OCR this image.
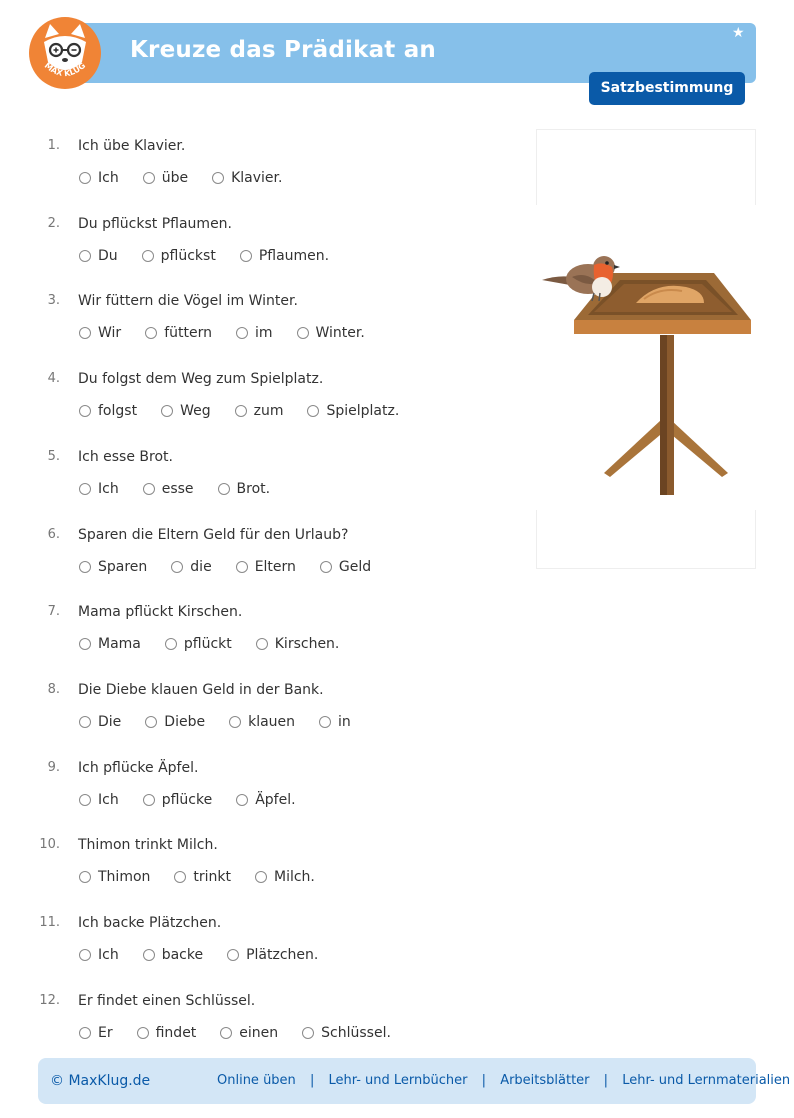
Kreuze das Prädikat an
★
MAX KLUG
Satzbestimmung
1. Ich übe Klavier.
Ich	übe	Klavier.
2. Du pflückst Pflaumen.
Du	pflückst	Pflaumen.
3. Wir füttern die Vögel im Winter.
Wir	füttern	im	Winter.
4. Du folgst dem Weg zum Spielplatz.
folgst	Weg	zum	Spielplatz.
5. Ich esse Brot.
Ich	esse	Brot.
6. Sparen die Eltern Geld für den Urlaub?
Sparen	die	Eltern	Geld
7. Mama pflückt Kirschen.
Mama	pflückt	Kirschen.
8. Die Diebe klauen Geld in der Bank.
Die	Diebe	klauen	in
9. Ich pflücke Äpfel.
Ich	pflücke	Äpfel.
10. Thimon trinkt Milch.
Thimon	trinkt	Milch.
11. Ich backe Plätzchen.
Ich	backe	Plätzchen.
12. Er findet einen Schlüssel.
Er	findet	einen	Schlüssel.
© MaxKlug.de	Online üben | Lehr- und Lernbücher | Arbeitsblätter | Lehr- und Lernmaterialien
